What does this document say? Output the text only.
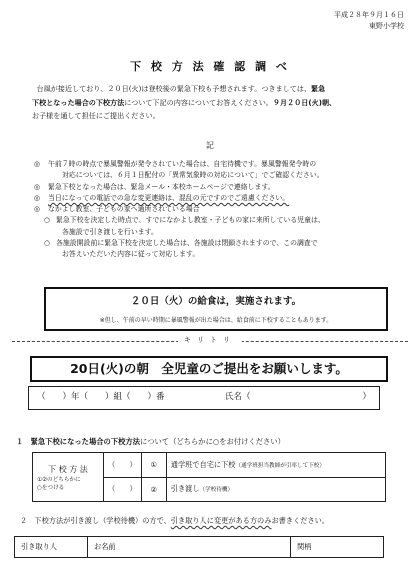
平成２８年９月１６日
東野小学校
下 校 方 法 確 認 調 べ
台風が接近しており、２０日(火)は登校後の緊急下校も予想されます。つきましては、緊急
下校となった場合の下校方法について下記の内容についてお答えください。９月２０日(火)朝、
お子様を通して担任にご提出ください。
記
◎	午前７時の時点で暴風警報が発令されていた場合は、自宅待機です。暴風警報発令時の
対応については、６月１日配付の「異常気象時の対応について」でご確認ください。
◎	緊急下校となった場合は、緊急メール・本校ホームページで連絡します。
◎	当日になっての電話での急な変更連絡は、混乱の元ですのでご遠慮ください。
◎	なかよし教室、子どもの家へ通所されている場合
○ 緊急下校を決定した時点で、すでになかよし教室・子どもの家に来所している児童は、
各施設で引き渡しを行います。
○ 各施設開設前に緊急下校を決定した場合は、各施設は閉鎖されますので、この調査で
お答えいただいた内容に従って対応します。
２０日（火）の給食は，実施されます。
※但し、午前の早い時期に暴風警報が出た場合は、給食前に下校することもあります。
キリトリ
20日(火)の朝　全児童のご提出をお願いします。
（　　）年（　　）組（　　）番	氏名（	）
１　緊急下校になった場合の下校方法について（どちらかに○をお付けください）
下 校 方 法
①②のどちらかに
○をつける	（　　）	①	通学班で自宅に下校（通学班担当教師が引率して下校）
	（　　）	②	引き渡し（学校待機）
２　下校方法が引き渡し（学校待機）の方で、引き取り人に変更がある方のみお書きください。
引き取り人	お名前	関柄
